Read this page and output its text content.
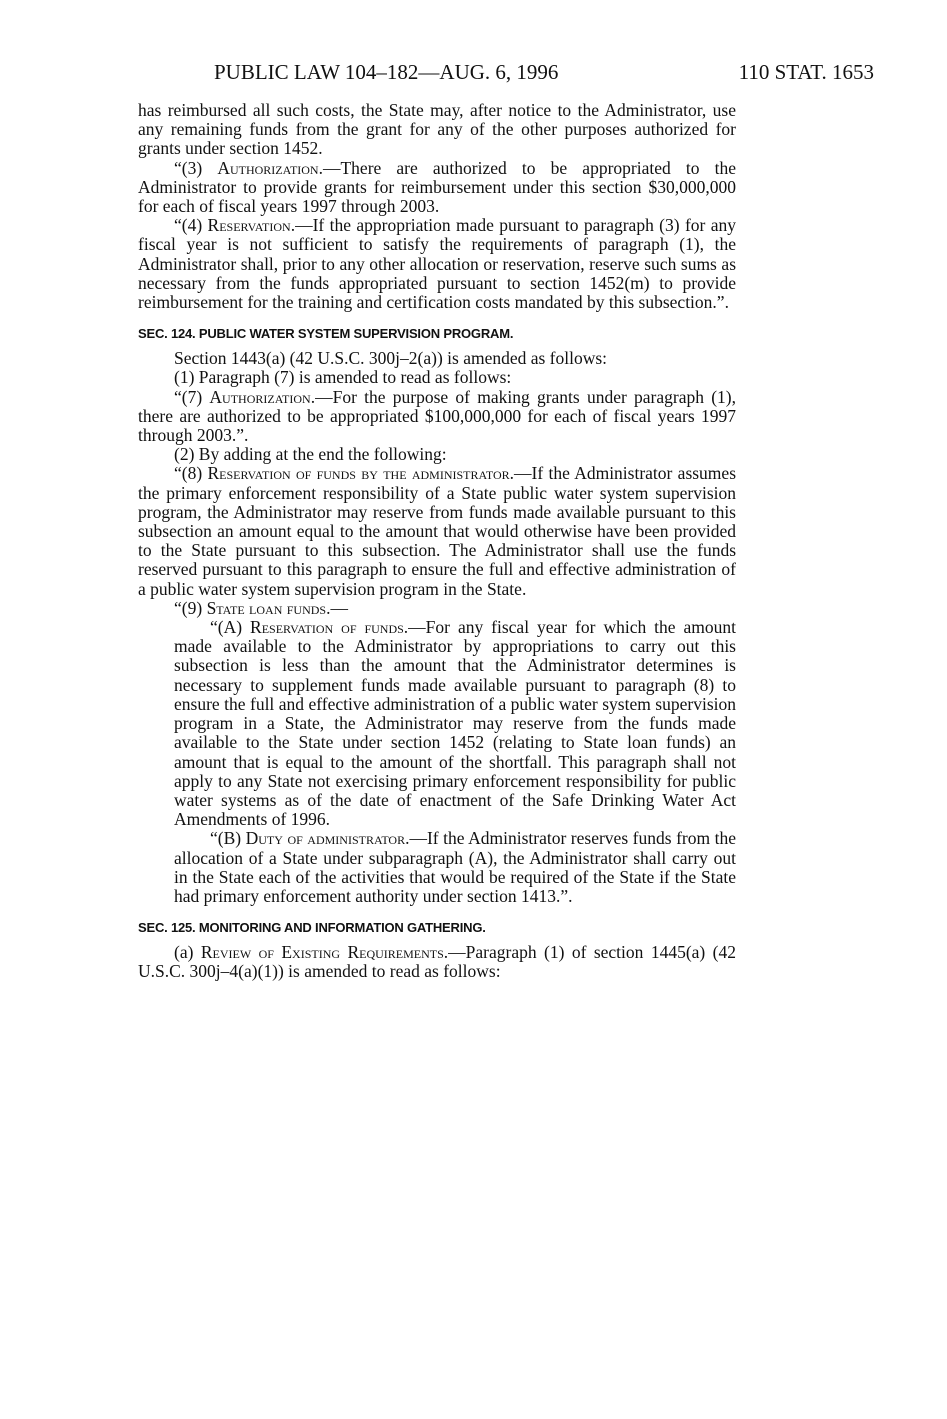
PUBLIC LAW 104–182—AUG. 6, 1996	110 STAT. 1653

has reimbursed all such costs, the State may, after notice to the Administrator, use any remaining funds from the grant for any of the other purposes authorized for grants under section 1452.

“(3) Authorization.—There are authorized to be appropriated to the Administrator to provide grants for reimbursement under this section $30,000,000 for each of fiscal years 1997 through 2003.

“(4) Reservation.—If the appropriation made pursuant to paragraph (3) for any fiscal year is not sufficient to satisfy the requirements of paragraph (1), the Administrator shall, prior to any other allocation or reservation, reserve such sums as necessary from the funds appropriated pursuant to section 1452(m) to provide reimbursement for the training and certification costs mandated by this subsection.”.

SEC. 124. PUBLIC WATER SYSTEM SUPERVISION PROGRAM.

Section 1443(a) (42 U.S.C. 300j–2(a)) is amended as follows:

(1) Paragraph (7) is amended to read as follows:

“(7) Authorization.—For the purpose of making grants under paragraph (1), there are authorized to be appropriated $100,000,000 for each of fiscal years 1997 through 2003.”.

(2) By adding at the end the following:

“(8) Reservation of funds by the administrator.—If the Administrator assumes the primary enforcement responsibility of a State public water system supervision program, the Administrator may reserve from funds made available pursuant to this subsection an amount equal to the amount that would otherwise have been provided to the State pursuant to this subsection. The Administrator shall use the funds reserved pursuant to this paragraph to ensure the full and effective administration of a public water system supervision program in the State.

“(9) State loan funds.—

“(A) Reservation of funds.—For any fiscal year for which the amount made available to the Administrator by appropriations to carry out this subsection is less than the amount that the Administrator determines is necessary to supplement funds made available pursuant to paragraph (8) to ensure the full and effective administration of a public water system supervision program in a State, the Administrator may reserve from the funds made available to the State under section 1452 (relating to State loan funds) an amount that is equal to the amount of the shortfall. This paragraph shall not apply to any State not exercising primary enforcement responsibility for public water systems as of the date of enactment of the Safe Drinking Water Act Amendments of 1996.

“(B) Duty of administrator.—If the Administrator reserves funds from the allocation of a State under subparagraph (A), the Administrator shall carry out in the State each of the activities that would be required of the State if the State had primary enforcement authority under section 1413.”.

SEC. 125. MONITORING AND INFORMATION GATHERING.

(a) Review of Existing Requirements.—Paragraph (1) of section 1445(a) (42 U.S.C. 300j–4(a)(1)) is amended to read as follows:
